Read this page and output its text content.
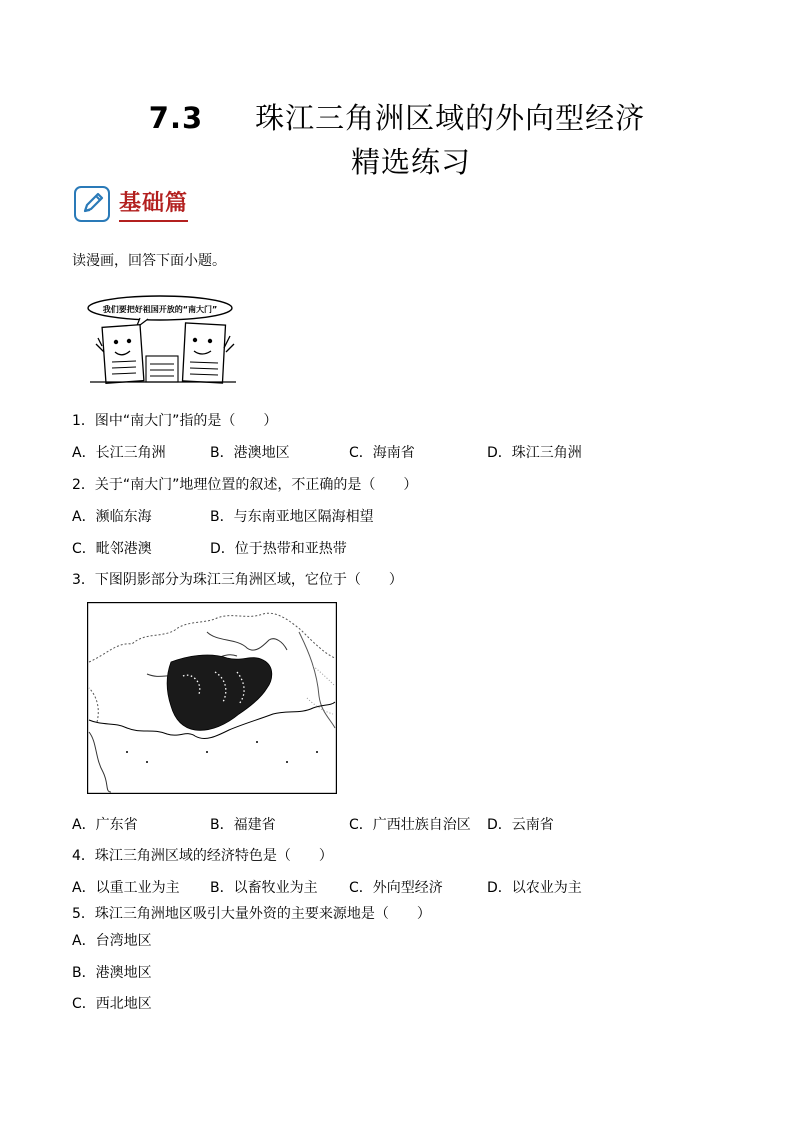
7.3 珠江三角洲区域的外向型经济
精选练习
基础篇
读漫画，回答下面小题。
我们要把好祖国开放的“南大门”
1．图中“南大门”指的是（　　）
A．长江三角洲	B．港澳地区	C．海南省	D．珠江三角洲
2．关于“南大门”地理位置的叙述，不正确的是（　　）
A．濒临东海	B．与东南亚地区隔海相望
C．毗邻港澳	D．位于热带和亚热带
3．下图阴影部分为珠江三角洲区域，它位于（　　）
A．广东省	B．福建省	C．广西壮族自治区 D．云南省
4．珠江三角洲区域的经济特色是（　　）
A．以重工业为主 B．以畜牧业为主 C．外向型经济	D．以农业为主
5．珠江三角洲地区吸引大量外资的主要来源地是（　　）
A．台湾地区
B．港澳地区
C．西北地区
